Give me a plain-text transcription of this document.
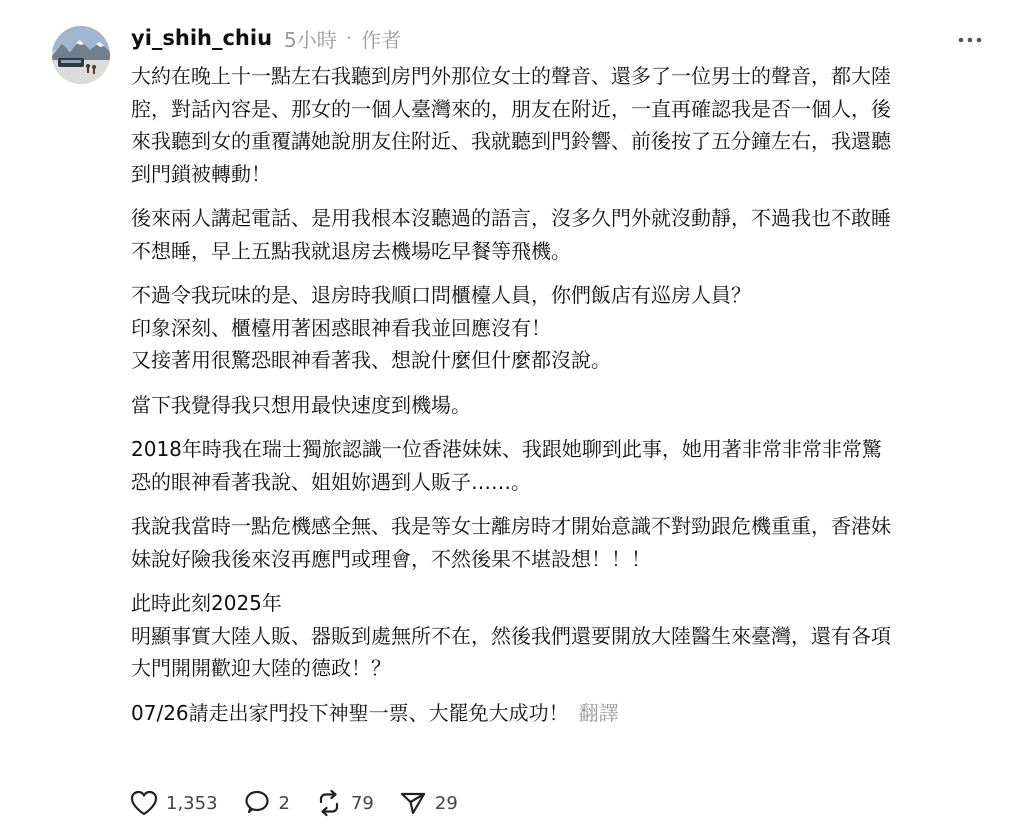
yi_shih_chiu 5小時 · 作者

大約在晚上十一點左右我聽到房門外那位女士的聲音、還多了一位男士的聲音，都大陸
腔，對話內容是、那女的一個人臺灣來的，朋友在附近，一直再確認我是否一個人，後
來我聽到女的重覆講她說朋友住附近、我就聽到門鈴響、前後按了五分鐘左右，我還聽
到門鎖被轉動！

後來兩人講起電話、是用我根本沒聽過的語言，沒多久門外就沒動靜，不過我也不敢睡
不想睡，早上五點我就退房去機場吃早餐等飛機。

不過令我玩味的是、退房時我順口問櫃檯人員，你們飯店有巡房人員？
印象深刻、櫃檯用著困惑眼神看我並回應沒有！
又接著用很驚恐眼神看著我、想說什麼但什麼都沒說。

當下我覺得我只想用最快速度到機場。

2018年時我在瑞士獨旅認識一位香港妹妹、我跟她聊到此事，她用著非常非常非常驚
恐的眼神看著我說、姐姐妳遇到人販子……。

我說我當時一點危機感全無、我是等女士離房時才開始意識不對勁跟危機重重，香港妹
妹說好險我後來沒再應門或理會，不然後果不堪設想！！！

此時此刻2025年
明顯事實大陸人販、器販到處無所不在，然後我們還要開放大陸醫生來臺灣，還有各項
大門開開歡迎大陸的德政！？

07/26請走出家門投下神聖一票、大罷免大成功！ 翻譯

1,353	2	79	29
